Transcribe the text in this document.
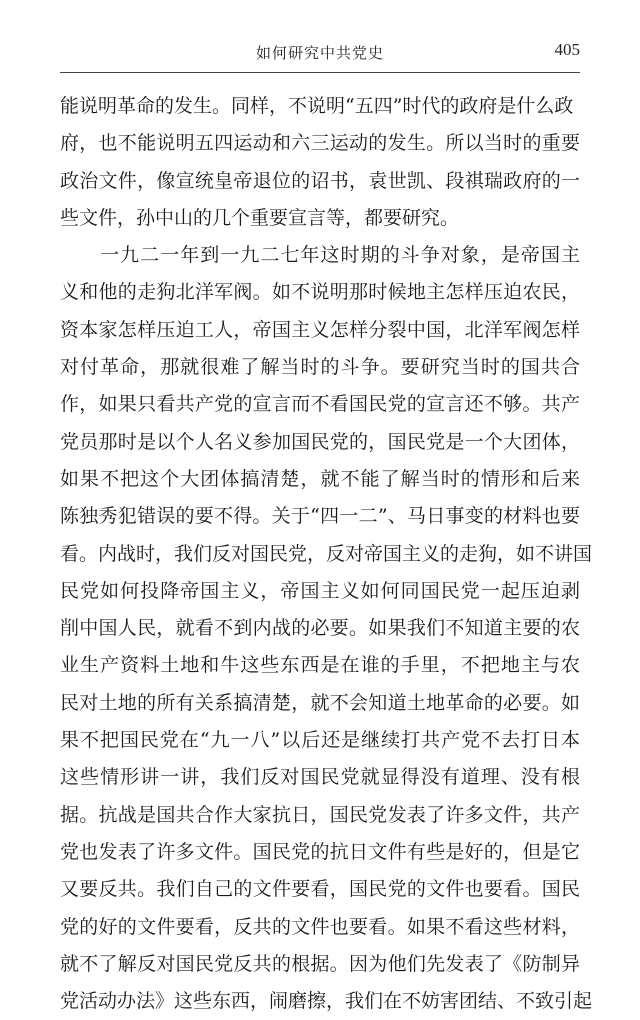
如何研究中共党史	405
能说明革命的发生。同样，不说明“五四”时代的政府是什么政
府，也不能说明五四运动和六三运动的发生。所以当时的重要
政治文件，像宣统皇帝退位的诏书，袁世凯、段祺瑞政府的一
些文件，孙中山的几个重要宣言等，都要研究。
　　一九二一年到一九二七年这时期的斗争对象，是帝国主
义和他的走狗北洋军阀。如不说明那时候地主怎样压迫农民，
资本家怎样压迫工人，帝国主义怎样分裂中国，北洋军阀怎样
对付革命，那就很难了解当时的斗争。要研究当时的国共合
作，如果只看共产党的宣言而不看国民党的宣言还不够。共产
党员那时是以个人名义参加国民党的，国民党是一个大团体，
如果不把这个大团体搞清楚，就不能了解当时的情形和后来
陈独秀犯错误的要不得。关于“四一二”、马日事变的材料也要
看。内战时，我们反对国民党，反对帝国主义的走狗，如不讲国
民党如何投降帝国主义，帝国主义如何同国民党一起压迫剥
削中国人民，就看不到内战的必要。如果我们不知道主要的农
业生产资料土地和牛这些东西是在谁的手里，不把地主与农
民对土地的所有关系搞清楚，就不会知道土地革命的必要。如
果不把国民党在“九一八”以后还是继续打共产党不去打日本
这些情形讲一讲，我们反对国民党就显得没有道理、没有根
据。抗战是国共合作大家抗日，国民党发表了许多文件，共产
党也发表了许多文件。国民党的抗日文件有些是好的，但是它
又要反共。我们自己的文件要看，国民党的文件也要看。国民
党的好的文件要看，反共的文件也要看。如果不看这些材料，
就不了解反对国民党反共的根据。因为他们先发表了《防制异
党活动办法》这些东西，闹磨擦，我们在不妨害团结、不致引起
